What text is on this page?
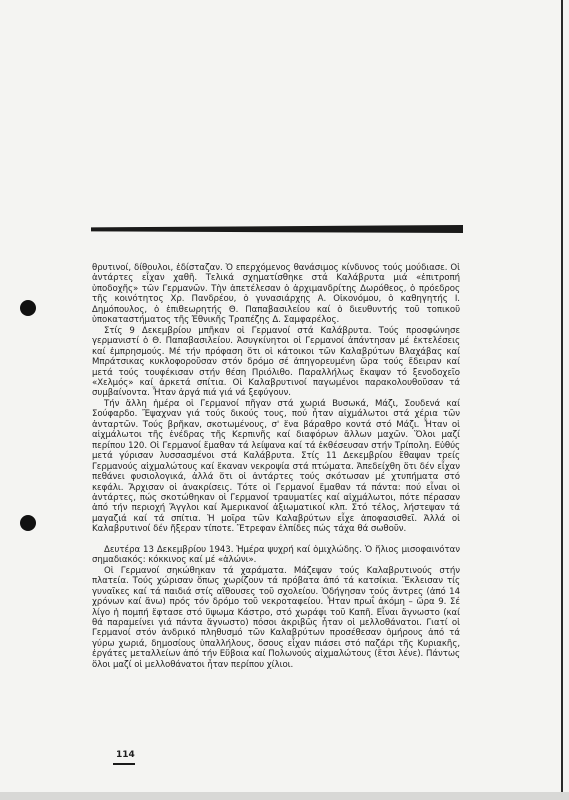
θρυτινοί, δίθουλοι, ἐδίσταζαν. Ὁ επερχόμενος θανάσιμος κίνδυνος τούς μούδιασε. Οἱ ἀντάρτες εἶχαν χαθῆ. Τελικά σχηματίσθηκε στά Καλάβρυτα μιά «ἐπιτροπή ὑποδοχῆς» τῶν Γερμανῶν. Τὴν ἀπετέλεσαν ὁ ἀρχιμανδρίτης Δωρόθεος, ὁ πρόεδρος τῆς κοινότητος Χρ. Πανδρέου, ὁ γυνασιάρχης Α. Οἰκονόμου, ὁ καθηγητής Ι. Δημόπουλος, ὁ ἐπιθεωρητής Θ. Παπαβασιλείου καί ὁ διευθυντής τοῦ τοπικοῦ ὑποκαταστήματος τῆς Ἐθνικῆς Τραπέζης Δ. Σαμφαρέλος.

Στίς 9 Δεκεμβρίου μπῆκαν οἱ Γερμανοί στά Καλάβρυτα. Τούς προσφώνησε γερμανιστί ὁ Θ. Παπαβασιλείου. Ἀσυγκίνητοι οἱ Γερμανοί ἀπάντησαν μέ ἐκτελέσεις καί ἐμπρησμούς. Μέ τήν πρόφαση ὅτι οἱ κάτοικοι τῶν Καλαβρύτων Βλαχάβας καί Μπράτσικας κυκλοφοροῦσαν στόν δρόμο σέ ἀπηγορευμένη ὥρα τούς ἔδειραν καί μετά τούς τουφέκισαν στήν θέση Πριόλιθο. Παραλλήλως ἔκαψαν τό ξενοδοχεῖο «Χελμός» καί ἀρκετά σπίτια. Οἱ Καλαβρυτινοί παγωμένοι παρακολουθοῦσαν τά συμβαίνοντα. Ἦταν ἀργά πιά γιά νά ξεφύγουν.

Τήν ἄλλη ἡμέρα οἱ Γερμανοί πῆγαν στά χωριά Βυσωκά, Μάζι, Σουδενά καί Σούφαρδο. Ἔψαχναν γιά τούς δικούς τους, πού ἦταν αἰχμάλωτοι στά χέρια τῶν ἀνταρτῶν. Τούς βρῆκαν, σκοτωμένους, σ' ἕνα βάραθρο κοντά στό Μάζι. Ἦταν οἱ αἰχμάλωτοι τῆς ἐνέδρας τῆς Κερπινῆς καί διαφόρων ἄλλων μαχῶν. Ὅλοι μαζί περίπου 120. Οἱ Γερμανοί ἔμαθαν τά λείψανα καί τά ἐκθέσευσαν στήν Τρίπολη. Εὐθύς μετά γύρισαν λυσσασμένοι στά Καλάβρυτα. Στίς 11 Δεκεμβρίου ἔθαψαν τρείς Γερμανούς αἰχμαλώτους καί ἔκαναν νεκροψία στά πτώματα. Ἀπεδείχθη ὅτι δέν εἶχαν πεθάνει φυσιολογικά, ἀλλά ὅτι οἱ ἀντάρτες τούς σκότωσαν μέ χτυπήματα στό κεφάλι. Ἄρχισαν οἱ ἀνακρίσεις. Τότε οἱ Γερμανοί ἔμαθαν τά πάντα: πού εἶναι οἱ ἀντάρτες, πώς σκοτώθηκαν οἱ Γερμανοί τραυματίες καί αἰχμάλωτοι, πότε πέρασαν ἀπό τήν περιοχή Ἄγγλοι καί Ἀμερικανοί ἀξιωματικοί κλπ. Στό τέλος, λήστεψαν τά μαγαζιά καί τά σπίτια. Ἡ μοῖρα τῶν Καλαβρύτων εἶχε ἀποφασισθεῖ. Ἀλλά οἱ Καλαβρυτινοί δέν ἤξεραν τίποτε. Ἔτρεφαν ἐλπίδες πώς τάχα θά σωθοῦν.

Δευτέρα 13 Δεκεμβρίου 1943. Ἡμέρα ψυχρή καί ὁμιχλώδης. Ὁ ἥλιος μισοφαινόταν σημαδιακός: κόκκινος καί μέ «ἁλώνι».

Οἱ Γερμανοί σηκώθηκαν τά χαράματα. Μάζεψαν τούς Καλαβρυτινούς στήν πλατεία. Τούς χώρισαν ὅπως χωρίζουν τά πρόβατα ἀπό τά κατσίκια. Ἔκλεισαν τίς γυναῖκες καί τά παιδιά στίς αἴθουσες τοῦ σχολείου. Ὁδήγησαν τούς ἄντρες (ἀπό 14 χρόνων καί ἄνω) πρός τόν δρόμο τοῦ νεκροταφείου. Ἦταν πρωΐ ἀκόμη – ὥρα 9. Σέ λίγο ἡ πομπή ἔφτασε στό ὕψωμα Κάστρο, στό χωράφι τοῦ Καπῆ. Εἶναι ἄγνωστο (καί θά παραμείνει γιά πάντα ἄγνωστο) πόσοι ἀκριβῶς ἦταν οἱ μελλοθάνατοι. Γιατί οἱ Γερμανοί στόν ἀνδρικό πληθυσμό τῶν Καλαβρύτων προσέθεσαν ὁμήρους ἀπό τά γύρω χωριά, δημοσίους ὑπαλλήλους, ὅσους εἶχαν πιάσει στό παζάρι τῆς Κυριακῆς, ἐργάτες μεταλλείων ἀπό τήν Εὔβοια καί Πολωνούς αἰχμαλώτους (ἔτσι λένε). Πάντως ὅλοι μαζί οἱ μελλοθάνατοι ἦταν περίπου χίλιοι.

114
